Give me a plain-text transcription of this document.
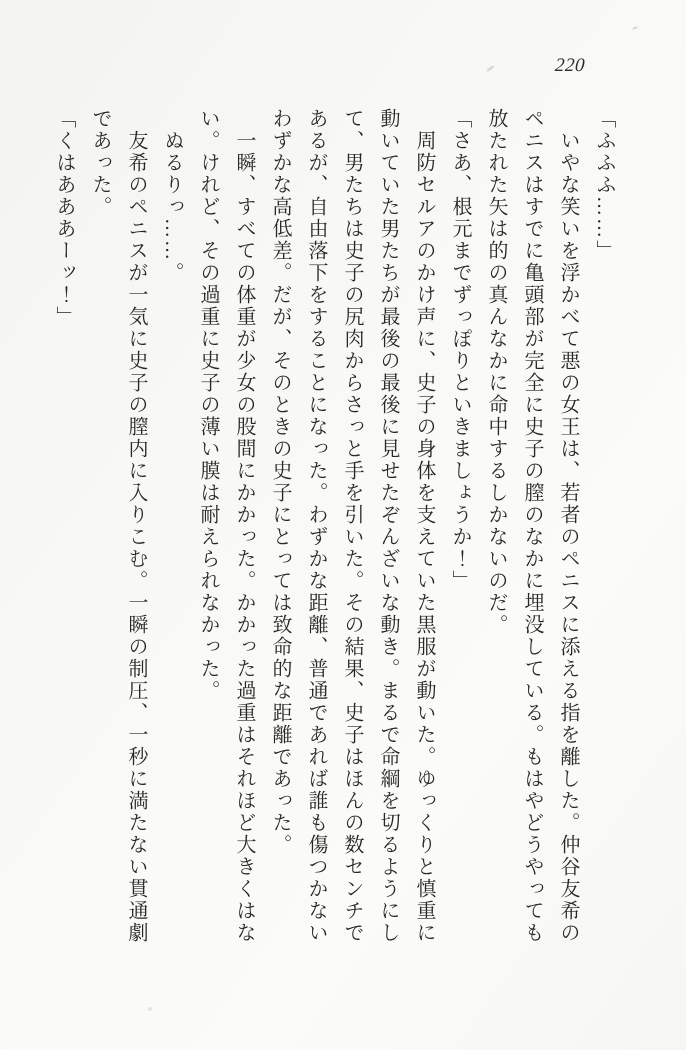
220

「ふふふ……」

いやな笑いを浮かべて悪の女王は、若者のペニスに添える指を離した。仲谷友希のペニスはすでに亀頭部が完全に史子の膣のなかに埋没している。もはやどうやっても放たれた矢は的の真んなかに命中するしかないのだ。

「さあ、根元までずっぽりといきましょうか！」

周防セルアのかけ声に、史子の身体を支えていた黒服が動いた。ゆっくりと慎重に動いていた男たちが最後の最後に見せたぞんざいな動き。まるで命綱を切るようにして、男たちは史子の尻肉からさっと手を引いた。その結果、史子はほんの数センチであるが、自由落下をすることになった。わずかな距離、普通であれば誰も傷つかないわずかな高低差。だが、そのときの史子にとっては致命的な距離であった。

一瞬、すべての体重が少女の股間にかかった。かかった過重はそれほど大きくはない。けれど、その過重に史子の薄い膜は耐えられなかった。

ぬるりっ……。

友希のペニスが一気に史子の膣内に入りこむ。一瞬の制圧、一秒に満たない貫通劇であった。

「くはあああーッ！」
